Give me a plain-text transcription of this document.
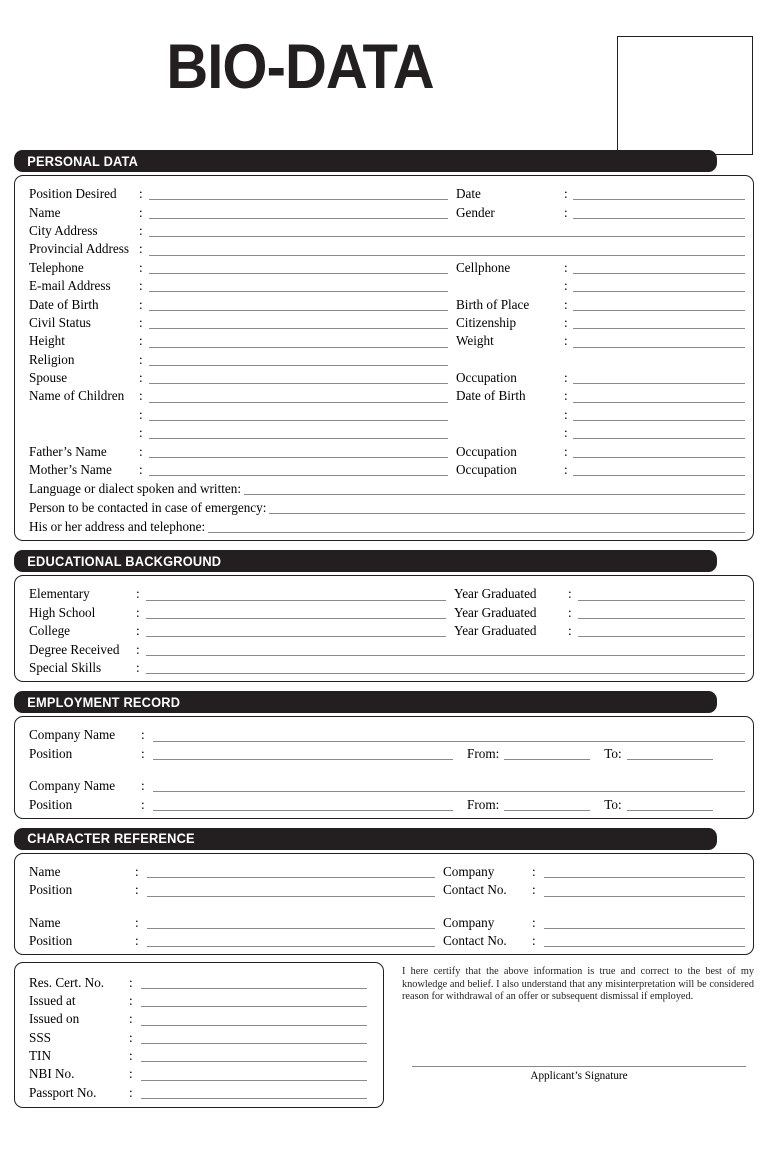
BIO-DATA
PERSONAL DATA
Position Desired	:	Date	:
Name	:	Gender	:
City Address	:
Provincial Address :
Telephone	:	Cellphone	:
E-mail Address	:	:
Date of Birth	:	Birth of Place	:
Civil Status	:	Citizenship	:
Height	:	Weight	:
Religion	:
Spouse	:	Occupation	:
Name of Children	:	Date of Birth	:
:	:
:	:
Father’s Name	:	Occupation	:
Mother’s Name	:	Occupation	:
Language or dialect spoken and written:
Person to be contacted in case of emergency:
His or her address and telephone:
EDUCATIONAL BACKGROUND
Elementary	:	Year Graduated	:
High School	:	Year Graduated	:
College	:	Year Graduated	:
Degree Received	:
Special Skills	:
EMPLOYMENT RECORD
Company Name	:
Position	:	From:	To:
Company Name	:
Position	:	From:	To:
CHARACTER REFERENCE
Name	:	Company	:
Position	:	Contact No.	:
Name	:	Company	:
Position	:	Contact No.	:
Res. Cert. No.	:
Issued at	:
Issued on	:
SSS	:
TIN	:
NBI No.	:
Passport No.	:
I here certify that the above information is true and correct to the best of my knowledge and belief. I also understand that any misinterpretation will be considered reason for withdrawal of an offer or subsequent dismissal if employed.
Applicant’s Signature
